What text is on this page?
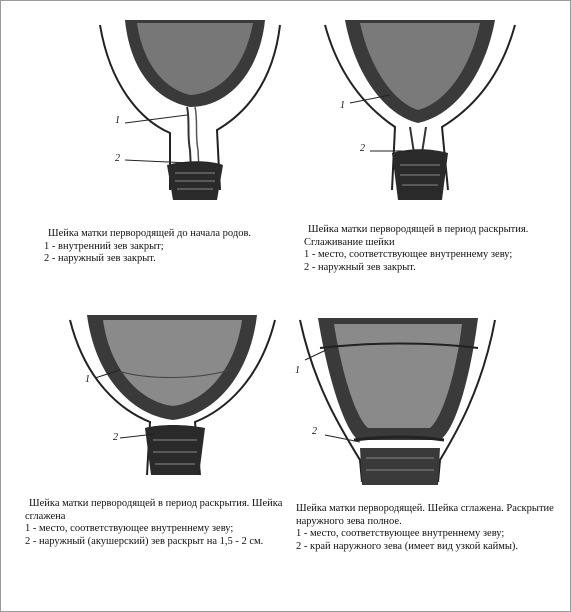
1
2
Шейка матки первородящей до начала родов.
1 - внутренний зев закрыт;
2 - наружный зев закрыт.
1
2
Шейка матки первородящей в период раскрытия.
Сглаживание шейки
1 - место, соответствующее внутреннему зеву;
2 - наружный зев закрыт.
1
2
Шейка матки первородящей в период раскрытия. Шейка
сглажена
1 - место, соответствующее внутреннему зеву;
2 - наружный (акушерский) зев раскрыт на 1,5 - 2 см.
1
2
Шейка матки первородящей. Шейка сглажена. Раскрытие
наружного зева полное.
1 - место, соответствующее внутреннему зеву;
2 - край наружного зева (имеет вид узкой каймы).
